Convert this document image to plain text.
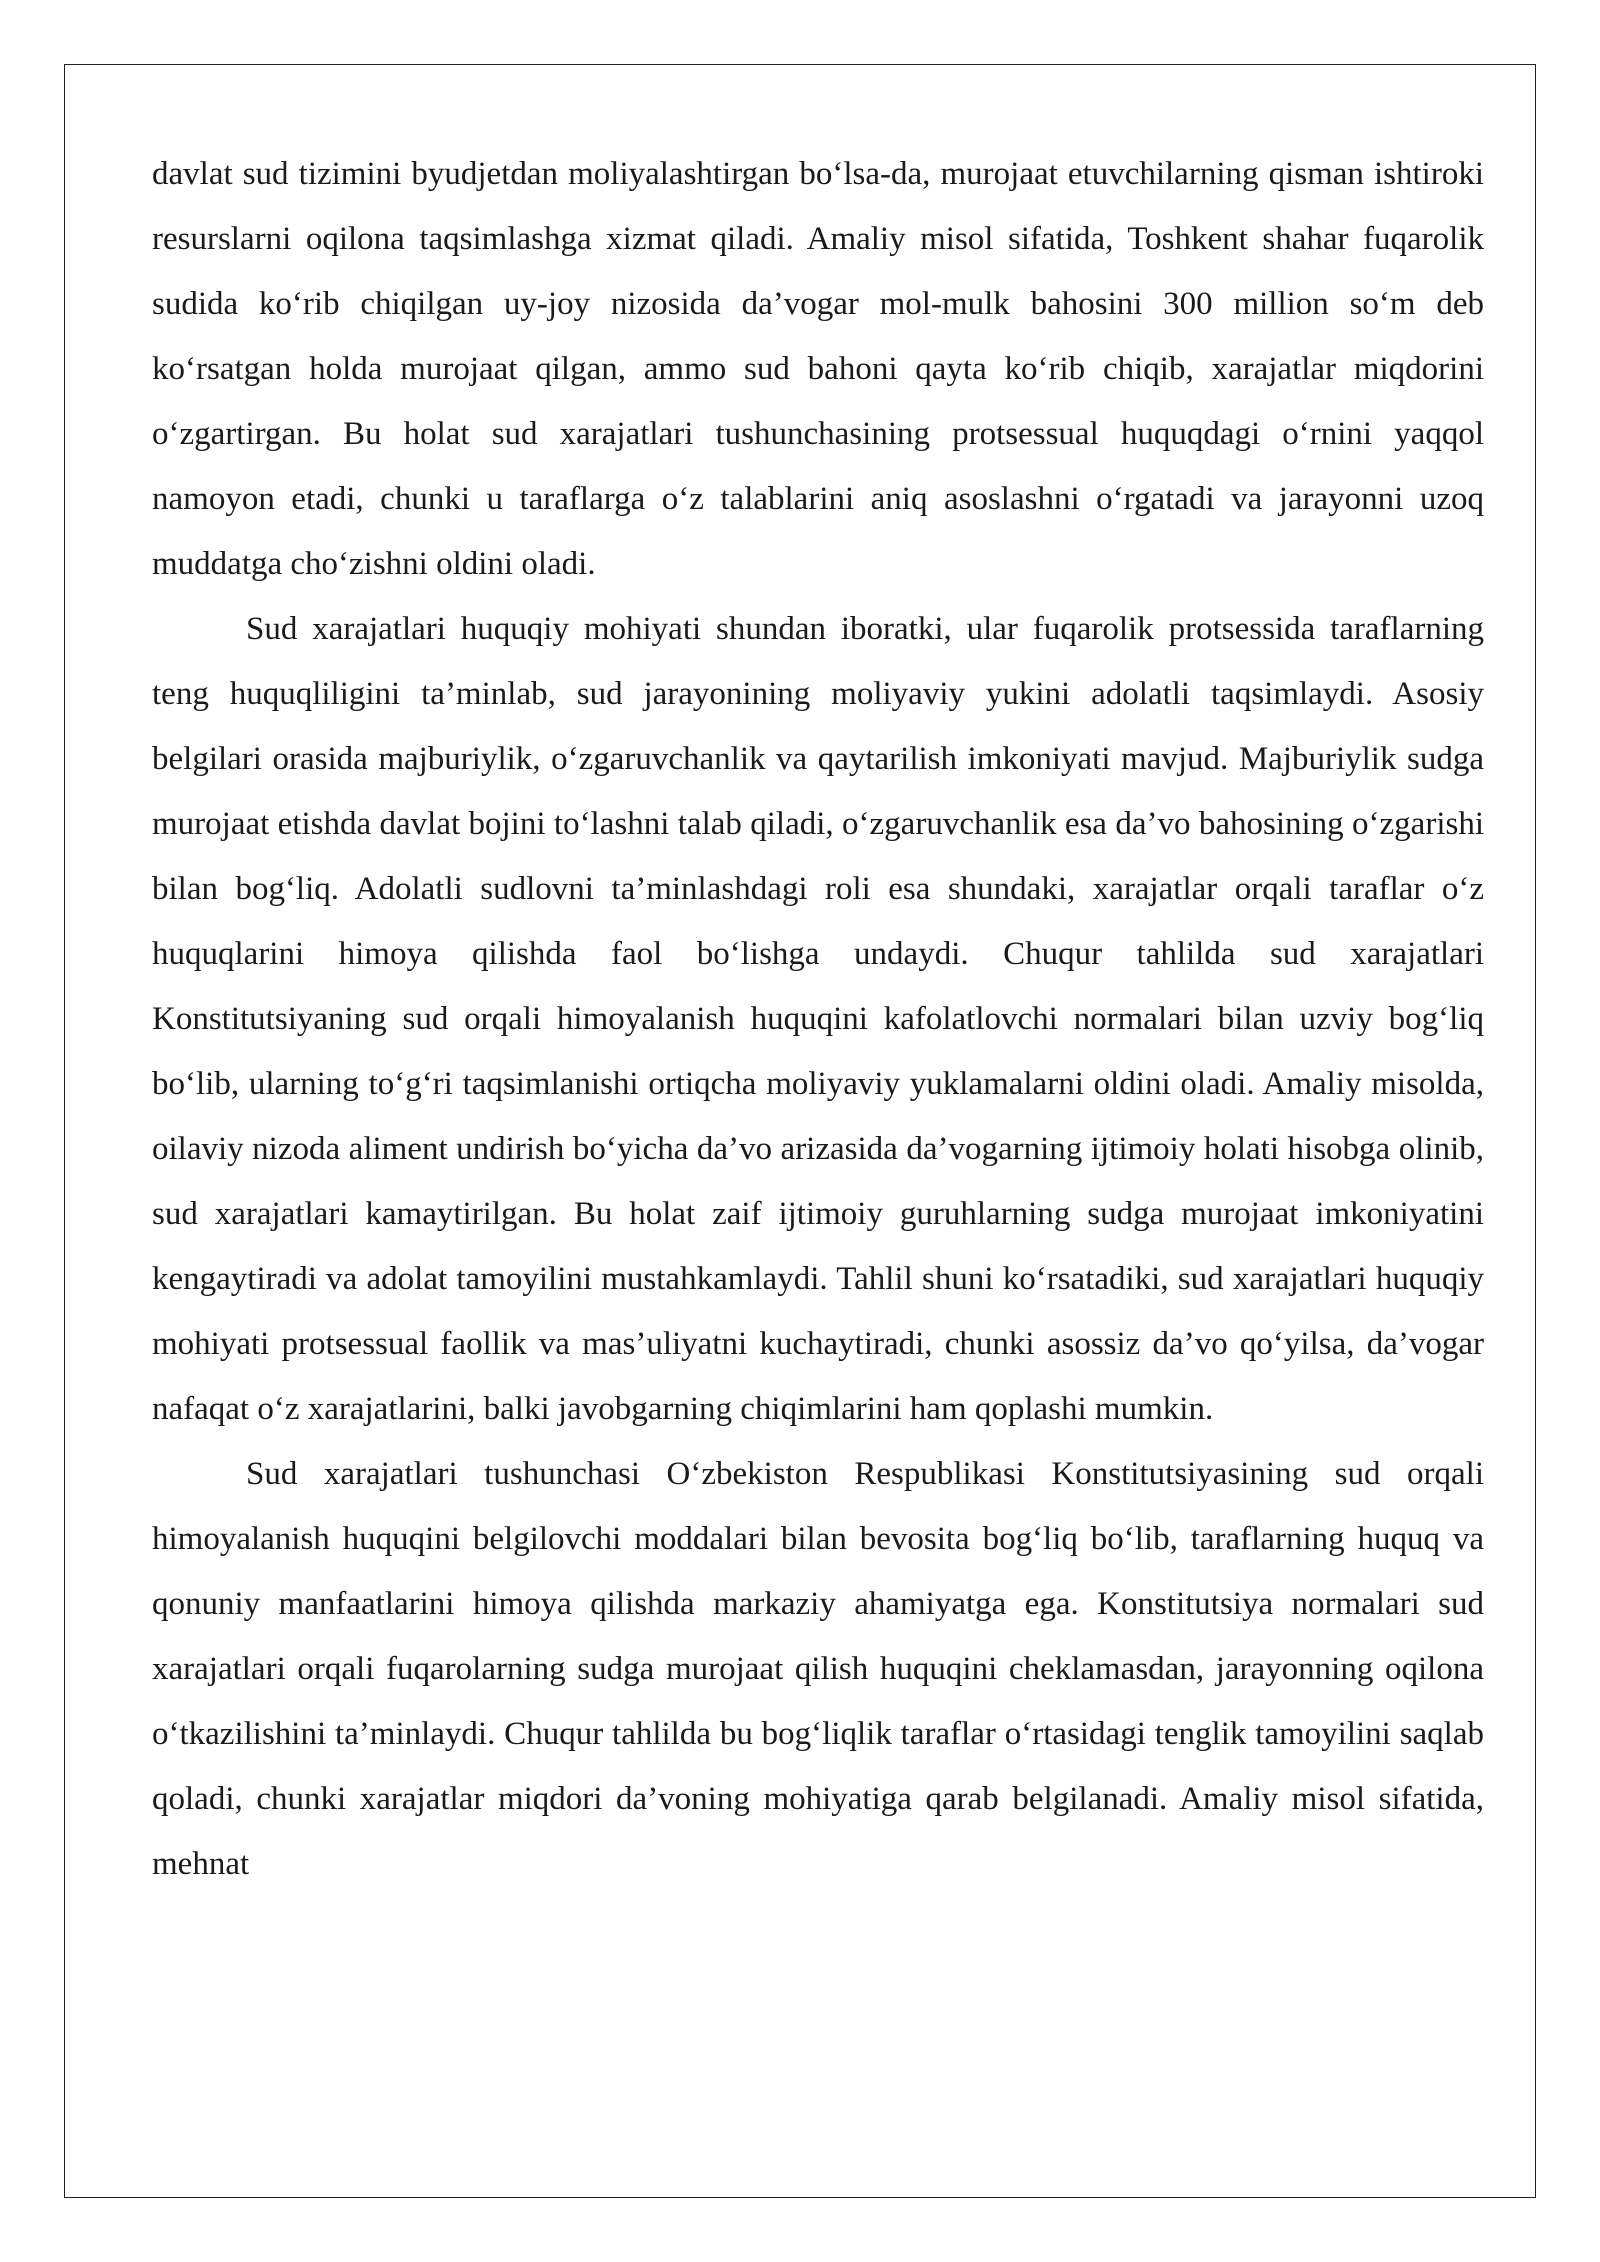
davlat sud tizimini byudjetdan moliyalashtirgan bo‘lsa-da, murojaat etuvchilarning qisman ishtiroki resurslarni oqilona taqsimlashga xizmat qiladi. Amaliy misol sifatida, Toshkent shahar fuqarolik sudida ko‘rib chiqilgan uy-joy nizosida da’vogar mol-mulk bahosini 300 million so‘m deb ko‘rsatgan holda murojaat qilgan, ammo sud bahoni qayta ko‘rib chiqib, xarajatlar miqdorini o‘zgartirgan. Bu holat sud xarajatlari tushunchasining protsessual huquqdagi o‘rnini yaqqol namoyon etadi, chunki u taraflarga o‘z talablarini aniq asoslashni o‘rgatadi va jarayonni uzoq muddatga cho‘zishni oldini oladi.

Sud xarajatlari huquqiy mohiyati shundan iboratki, ular fuqarolik protsessida taraflarning teng huquqliligini ta’minlab, sud jarayonining moliyaviy yukini adolatli taqsimlaydi. Asosiy belgilari orasida majburiylik, o‘zgaruvchanlik va qaytarilish imkoniyati mavjud. Majburiylik sudga murojaat etishda davlat bojini to‘lashni talab qiladi, o‘zgaruvchanlik esa da’vo bahosining o‘zgarishi bilan bog‘liq. Adolatli sudlovni ta’minlashdagi roli esa shundaki, xarajatlar orqali taraflar o‘z huquqlarini himoya qilishda faol bo‘lishga undaydi. Chuqur tahlilda sud xarajatlari Konstitutsiyaning sud orqali himoyalanish huquqini kafolatlovchi normalari bilan uzviy bog‘liq bo‘lib, ularning to‘g‘ri taqsimlanishi ortiqcha moliyaviy yuklamalarni oldini oladi. Amaliy misolda, oilaviy nizoda aliment undirish bo‘yicha da’vo arizasida da’vogarning ijtimoiy holati hisobga olinib, sud xarajatlari kamaytirilgan. Bu holat zaif ijtimoiy guruhlarning sudga murojaat imkoniyatini kengaytiradi va adolat tamoyilini mustahkamlaydi. Tahlil shuni ko‘rsatadiki, sud xarajatlari huquqiy mohiyati protsessual faollik va mas’uliyatni kuchaytiradi, chunki asossiz da’vo qo‘yilsa, da’vogar nafaqat o‘z xarajatlarini, balki javobgarning chiqimlarini ham qoplashi mumkin.

Sud xarajatlari tushunchasi O‘zbekiston Respublikasi Konstitutsiyasining sud orqali himoyalanish huquqini belgilovchi moddalari bilan bevosita bog‘liq bo‘lib, taraflarning huquq va qonuniy manfaatlarini himoya qilishda markaziy ahamiyatga ega. Konstitutsiya normalari sud xarajatlari orqali fuqarolarning sudga murojaat qilish huquqini cheklamasdan, jarayonning oqilona o‘tkazilishini ta’minlaydi. Chuqur tahlilda bu bog‘liqlik taraflar o‘rtasidagi tenglik tamoyilini saqlab qoladi, chunki xarajatlar miqdori da’voning mohiyatiga qarab belgilanadi. Amaliy misol sifatida, mehnat
